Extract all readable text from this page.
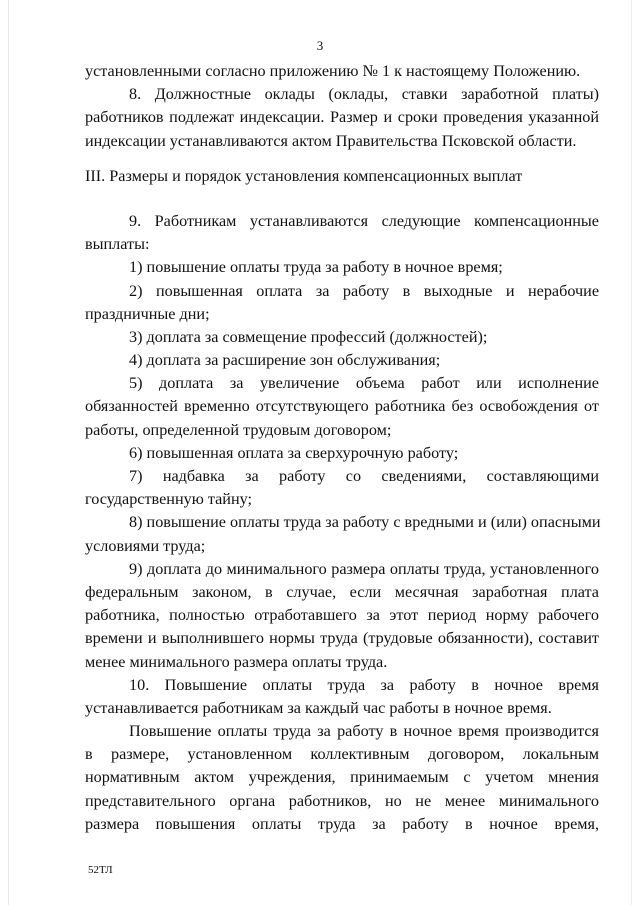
3
установленными согласно приложению № 1 к настоящему Положению.
8. Должностные оклады (оклады, ставки заработной платы)
работников подлежат индексации. Размер и сроки проведения указанной
индексации устанавливаются актом Правительства Псковской области.
III. Размеры и порядок установления компенсационных выплат
9. Работникам устанавливаются следующие компенсационные
выплаты:
1) повышение оплаты труда за работу в ночное время;
2) повышенная оплата за работу в выходные и нерабочие
праздничные дни;
3) доплата за совмещение профессий (должностей);
4) доплата за расширение зон обслуживания;
5) доплата за увеличение объема работ или исполнение
обязанностей временно отсутствующего работника без освобождения от
работы, определенной трудовым договором;
6) повышенная оплата за сверхурочную работу;
7) надбавка за работу со сведениями, составляющими
государственную тайну;
8) повышение оплаты труда за работу с вредными и (или) опасными
условиями труда;
9) доплата до минимального размера оплаты труда, установленного
федеральным законом, в случае, если месячная заработная плата
работника, полностью отработавшего за этот период норму рабочего
времени и выполнившего нормы труда (трудовые обязанности), составит
менее минимального размера оплаты труда.
10. Повышение оплаты труда за работу в ночное время
устанавливается работникам за каждый час работы в ночное время.
Повышение оплаты труда за работу в ночное время производится
в размере, установленном коллективным договором, локальным
нормативным актом учреждения, принимаемым с учетом мнения
представительного органа работников, но не менее минимального
размера повышения оплаты труда за работу в ночное время,
52ТЛ
